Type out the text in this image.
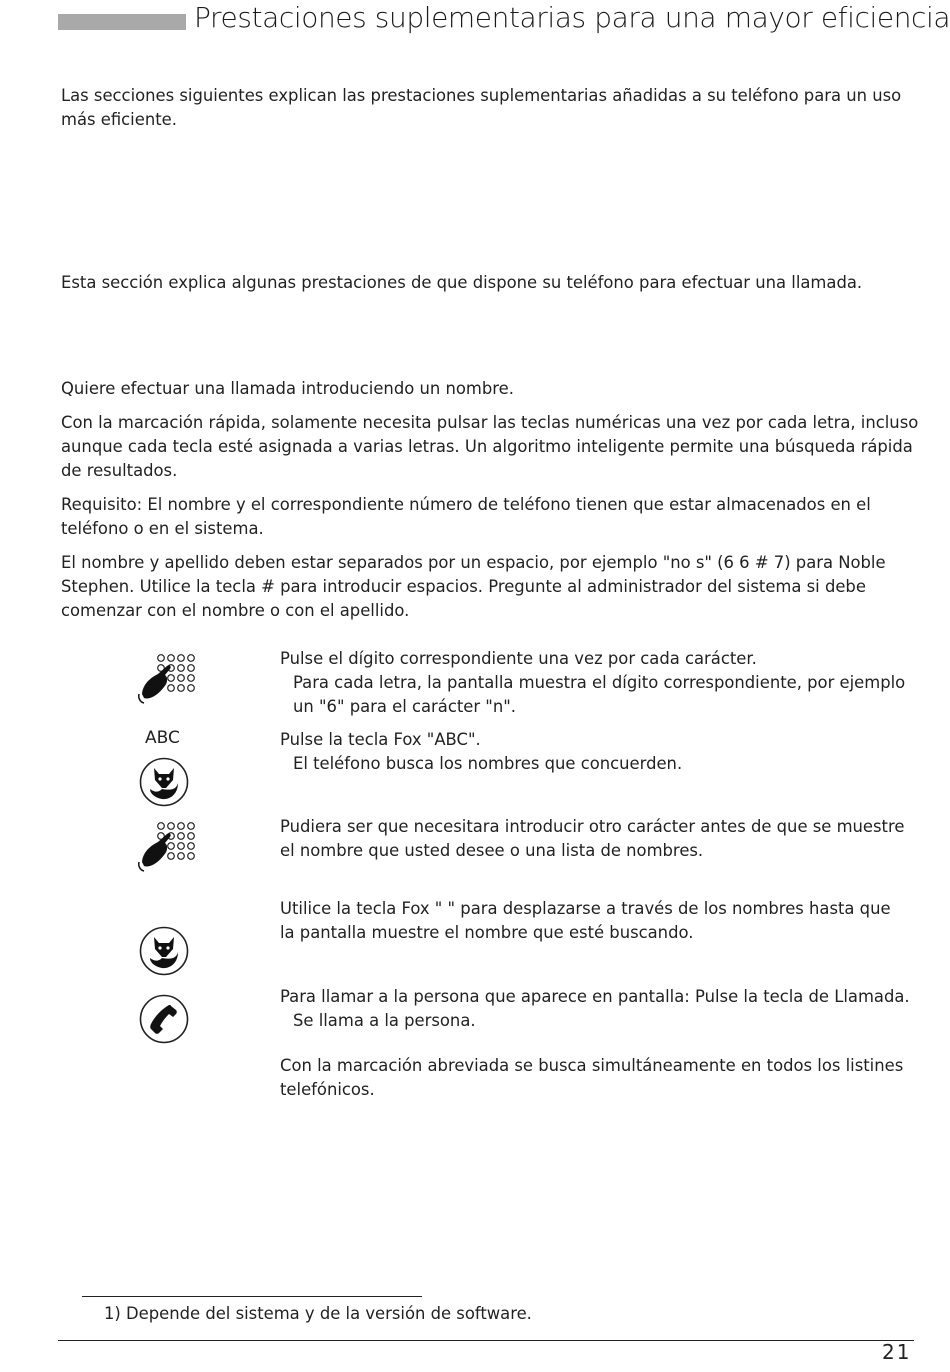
Prestaciones suplementarias para una mayor eficiencia
Las secciones siguientes explican las prestaciones suplementarias añadidas a su teléfono para un uso más eficiente.
Esta sección explica algunas prestaciones de que dispone su teléfono para efectuar una llamada.
Quiere efectuar una llamada introduciendo un nombre.
Con la marcación rápida, solamente necesita pulsar las teclas numéricas una vez por cada letra, incluso aunque cada tecla esté asignada a varias letras. Un algoritmo inteligente permite una búsqueda rápida de resultados.
Requisito: El nombre y el correspondiente número de teléfono tienen que estar almacenados en el teléfono o en el sistema.
El nombre y apellido deben estar separados por un espacio, por ejemplo "no s" (6 6 # 7) para Noble Stephen. Utilice la tecla # para introducir espacios. Pregunte al administrador del sistema si debe comenzar con el nombre o con el apellido.
Pulse el dígito correspondiente una vez por cada carácter.
Para cada letra, la pantalla muestra el dígito correspondiente, por ejemplo un "6" para el carácter "n".
ABC	Pulse la tecla Fox "ABC".
El teléfono busca los nombres que concuerden.
Pudiera ser que necesitara introducir otro carácter antes de que se muestre el nombre que usted desee o una lista de nombres.
Utilice la tecla Fox " " para desplazarse a través de los nombres hasta que la pantalla muestre el nombre que esté buscando.
Para llamar a la persona que aparece en pantalla: Pulse la tecla de Llamada.
Se llama a la persona.
Con la marcación abreviada se busca simultáneamente en todos los listines telefónicos.
1) Depende del sistema y de la versión de software.
21
